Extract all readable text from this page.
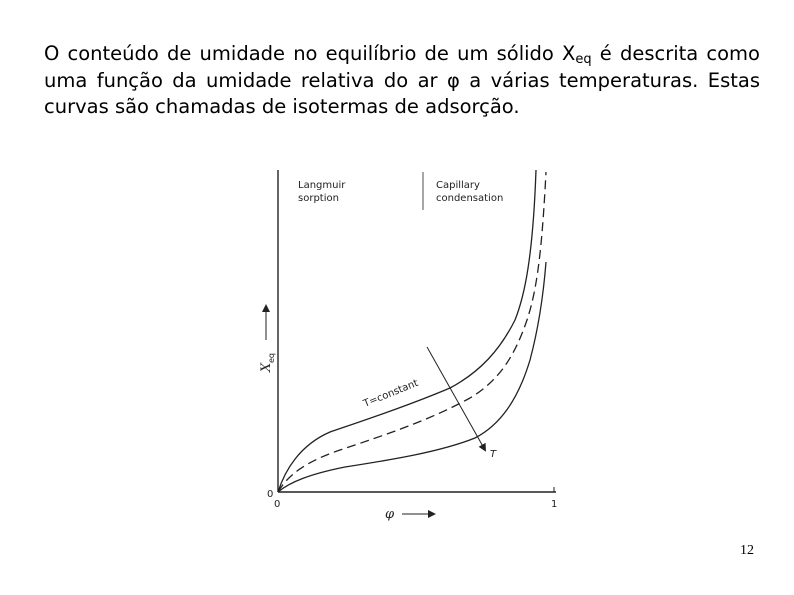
O conteúdo de umidade no equilíbrio de um sólido $X_{eq}$ é descrita como uma função da umidade relativa do ar φ a várias temperaturas. Estas curvas são chamadas de isotermas de adsorção.

T
T=constant
Langmuir
sorption
Capillary
condensation
X
eq
φ
0
0	1
12
